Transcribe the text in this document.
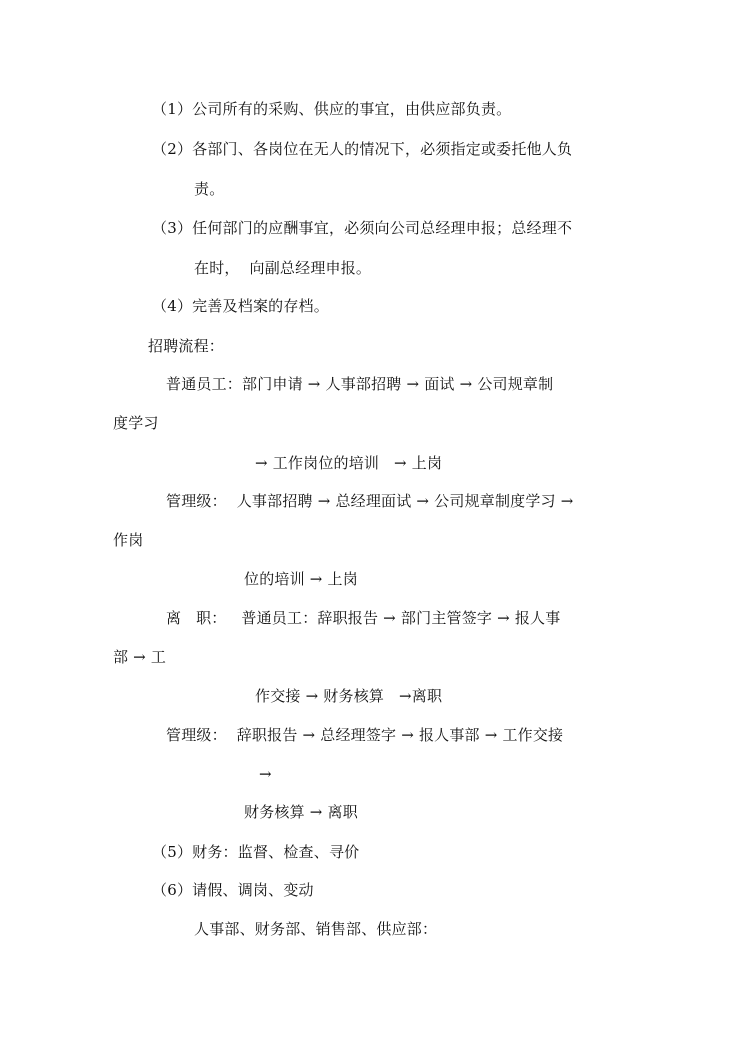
（1）公司所有的采购、供应的事宜，由供应部负责。
（2）各部门、各岗位在无人的情况下，必须指定或委托他人负
责。
（3）任何部门的应酬事宜，必须向公司总经理申报；总经理不
在时，  向副总经理申报。
（4）完善及档案的存档。
招聘流程：
普通员工：部门申请 → 人事部招聘 → 面试 → 公司规章制
度学习
→ 工作岗位的培训   → 上岗
管理级：  人事部招聘 → 总经理面试 → 公司规章制度学习 →
作岗
位的培训 → 上岗
离   职：   普通员工：辞职报告 → 部门主管签字 → 报人事
部 → 工
作交接 → 财务核算   →离职
管理级：  辞职报告 → 总经理签字 → 报人事部 → 工作交接
→
财务核算 → 离职
（5）财务：监督、检查、寻价
（6）请假、调岗、变动
人事部、财务部、销售部、供应部：
